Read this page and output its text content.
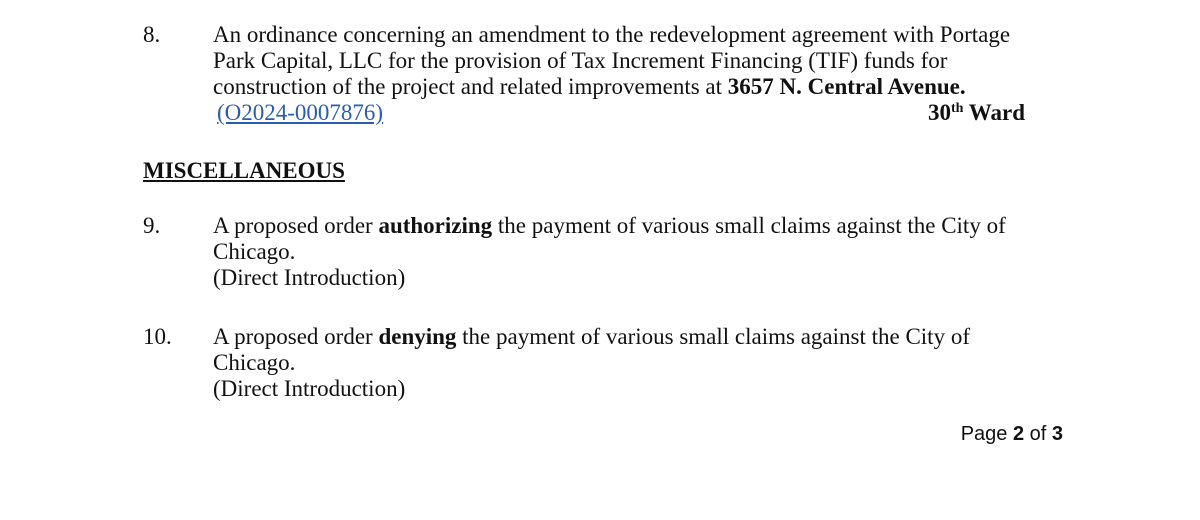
8. An ordinance concerning an amendment to the redevelopment agreement with Portage
Park Capital, LLC for the provision of Tax Increment Financing (TIF) funds for
construction of the project and related improvements at 3657 N. Central Avenue.
(O2024-0007876)	30th Ward
MISCELLANEOUS
9. A proposed order authorizing the payment of various small claims against the City of
Chicago.
(Direct Introduction)
10. A proposed order denying the payment of various small claims against the City of
Chicago.
(Direct Introduction)
Page 2 of 3
